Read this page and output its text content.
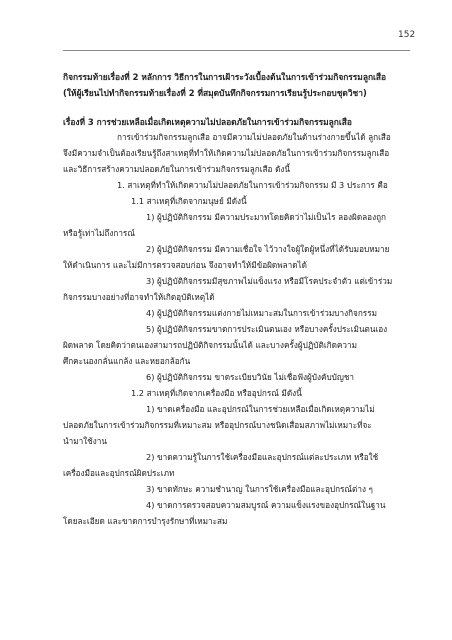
152
กิจกรรมท้ายเรื่องที่ 2 หลักการ วิธีการในการเฝ้าระวังเบื้องต้นในการเข้าร่วมกิจกรรมลูกเสือ
(ให้ผู้เรียนไปทำกิจกรรมท้ายเรื่องที่ 2 ที่สมุดบันทึกกิจกรรมการเรียนรู้ประกอบชุดวิชา)
เรื่องที่ 3 การช่วยเหลือเมื่อเกิดเหตุความไม่ปลอดภัยในการเข้าร่วมกิจกรรมลูกเสือ
การเข้าร่วมกิจกรรมลูกเสือ อาจมีความไม่ปลอดภัยในด้านร่างกายขึ้นได้ ลูกเสือ
จึงมีความจำเป็นต้องเรียนรู้ถึงสาเหตุที่ทำให้เกิดความไม่ปลอดภัยในการเข้าร่วมกิจกรรมลูกเสือ
และวิธีการสร้างความปลอดภัยในการเข้าร่วมกิจกรรมลูกเสือ ดังนี้
1. สาเหตุที่ทำให้เกิดความไม่ปลอดภัยในการเข้าร่วมกิจกรรม มี 3 ประการ คือ
1.1 สาเหตุที่เกิดจากมนุษย์ มีดังนี้
1) ผู้ปฏิบัติกิจกรรม มีความประมาทโดยคิดว่าไม่เป็นไร ลองผิดลองถูก
หรือรู้เท่าไม่ถึงการณ์
2) ผู้ปฏิบัติกิจกรรม มีความเชื่อใจ ไว้วางใจผู้ใดผู้หนึ่งที่ได้รับมอบหมาย
ให้ดำเนินการ และไม่มีการตรวจสอบก่อน จึงอาจทำให้มีข้อผิดพลาดได้
3) ผู้ปฏิบัติกิจกรรมมีสุขภาพไม่แข็งแรง หรือมีโรคประจำตัว แต่เข้าร่วม
กิจกรรมบางอย่างที่อาจทำให้เกิดอุบัติเหตุได้
4) ผู้ปฏิบัติกิจกรรมแต่งกายไม่เหมาะสมในการเข้าร่วมบางกิจกรรม
5) ผู้ปฏิบัติกิจกรรมขาดการประเมินตนเอง หรือบางครั้งประเมินตนเอง
ผิดพลาด โดยคิดว่าตนเองสามารถปฏิบัติกิจกรรมนั้นได้ และบางครั้งผู้ปฏิบัติเกิดความ
ศึกคะนองกลั่นแกล้ง และหยอกล้อกัน
6) ผู้ปฏิบัติกิจกรรม ขาดระเบียบวินัย ไม่เชื่อฟังผู้บังคับบัญชา
1.2 สาเหตุที่เกิดจากเครื่องมือ หรืออุปกรณ์ มีดังนี้
1) ขาดเครื่องมือ และอุปกรณ์ในการช่วยเหลือเมื่อเกิดเหตุความไม่
ปลอดภัยในการเข้าร่วมกิจกรรมที่เหมาะสม หรืออุปกรณ์บางชนิดเสื่อมสภาพไม่เหมาะที่จะ
นำมาใช้งาน
2) ขาดความรู้ในการใช้เครื่องมือและอุปกรณ์แต่ละประเภท หรือใช้
เครื่องมือและอุปกรณ์ผิดประเภท
3) ขาดทักษะ ความชำนาญ ในการใช้เครื่องมือและอุปกรณ์ต่าง ๆ
4) ขาดการตรวจสอบความสมบูรณ์ ความแข็งแรงของอุปกรณ์ในฐาน
โดยละเอียด และขาดการบำรุงรักษาที่เหมาะสม
